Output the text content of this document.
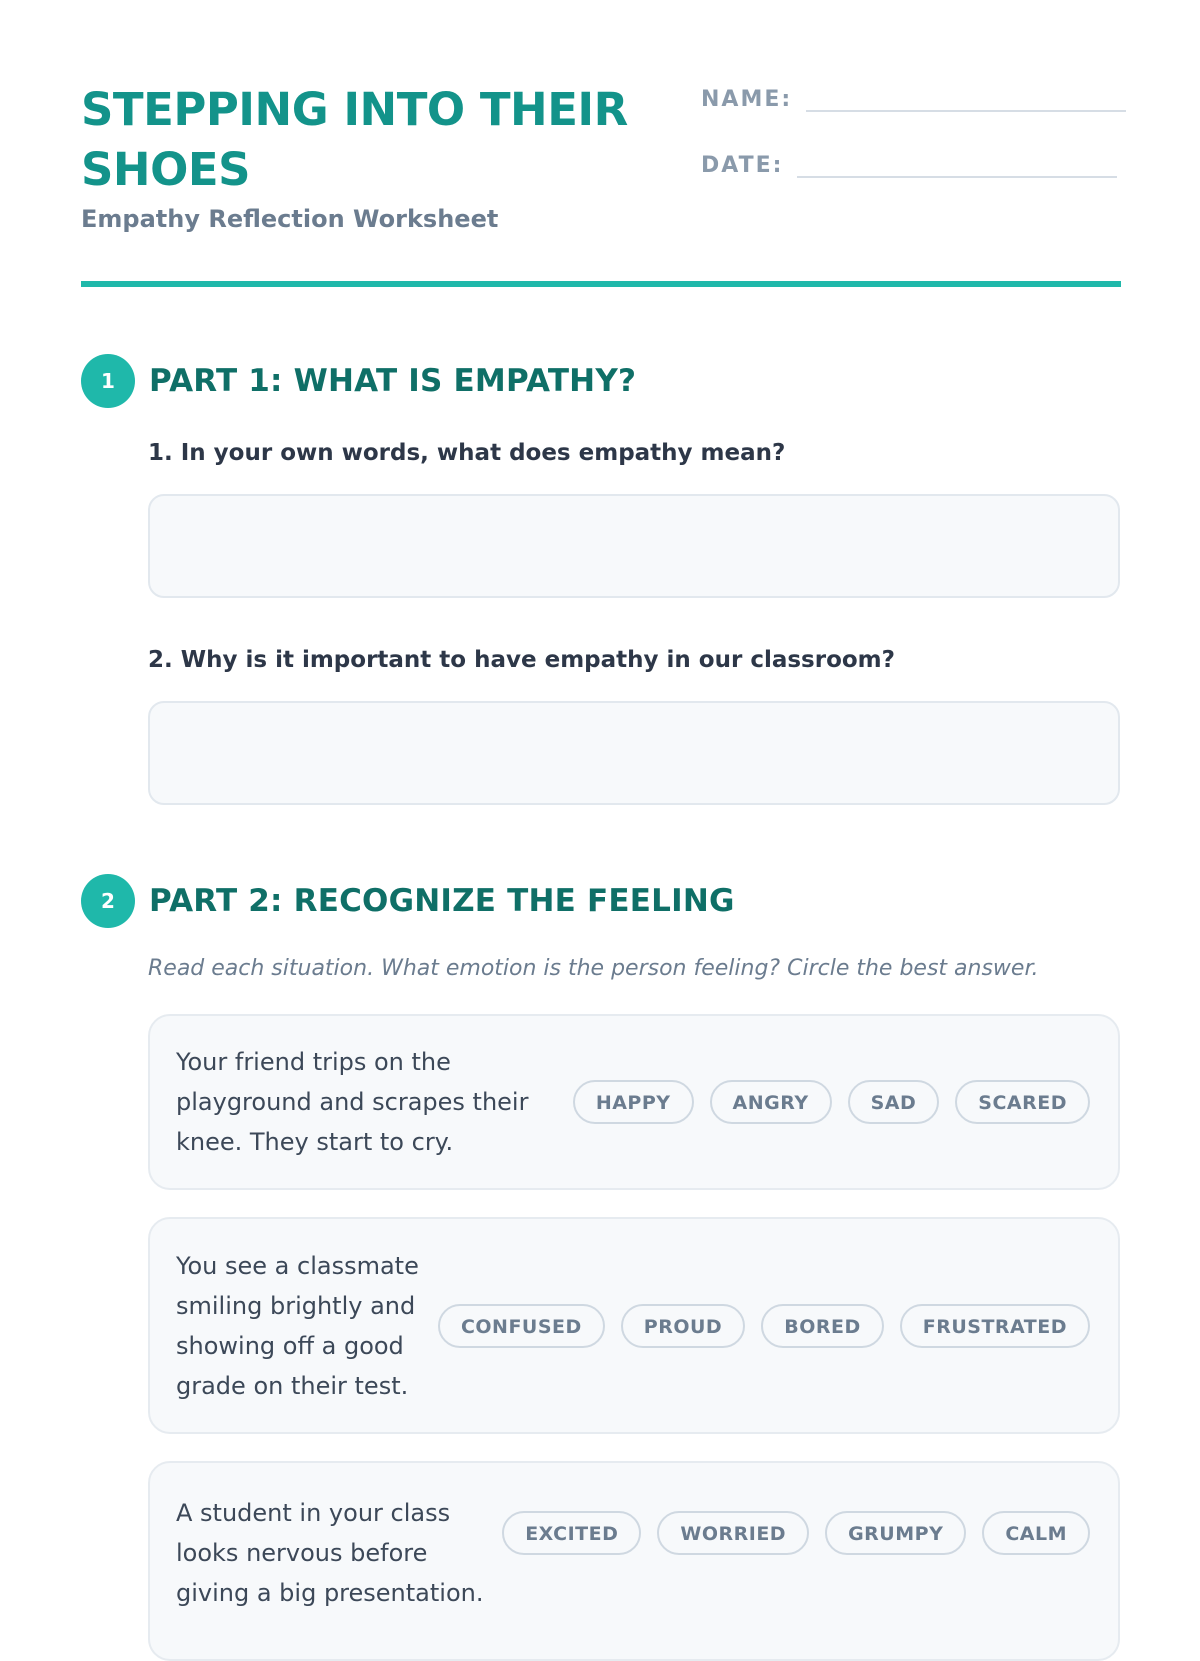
STEPPING INTO THEIR SHOES
Empathy Reflection Worksheet
NAME:
DATE:
1	PART 1: WHAT IS EMPATHY?
1. In your own words, what does empathy mean?
2. Why is it important to have empathy in our classroom?
2	PART 2: RECOGNIZE THE FEELING
Read each situation. What emotion is the person feeling? Circle the best answer.
Your friend trips on the playground and scrapes their knee. They start to cry.
HAPPY	ANGRY	SAD	SCARED
You see a classmate smiling brightly and showing off a good grade on their test.
CONFUSED	PROUD	BORED	FRUSTRATED
A student in your class looks nervous before giving a big presentation.
EXCITED	WORRIED	GRUMPY	CALM
